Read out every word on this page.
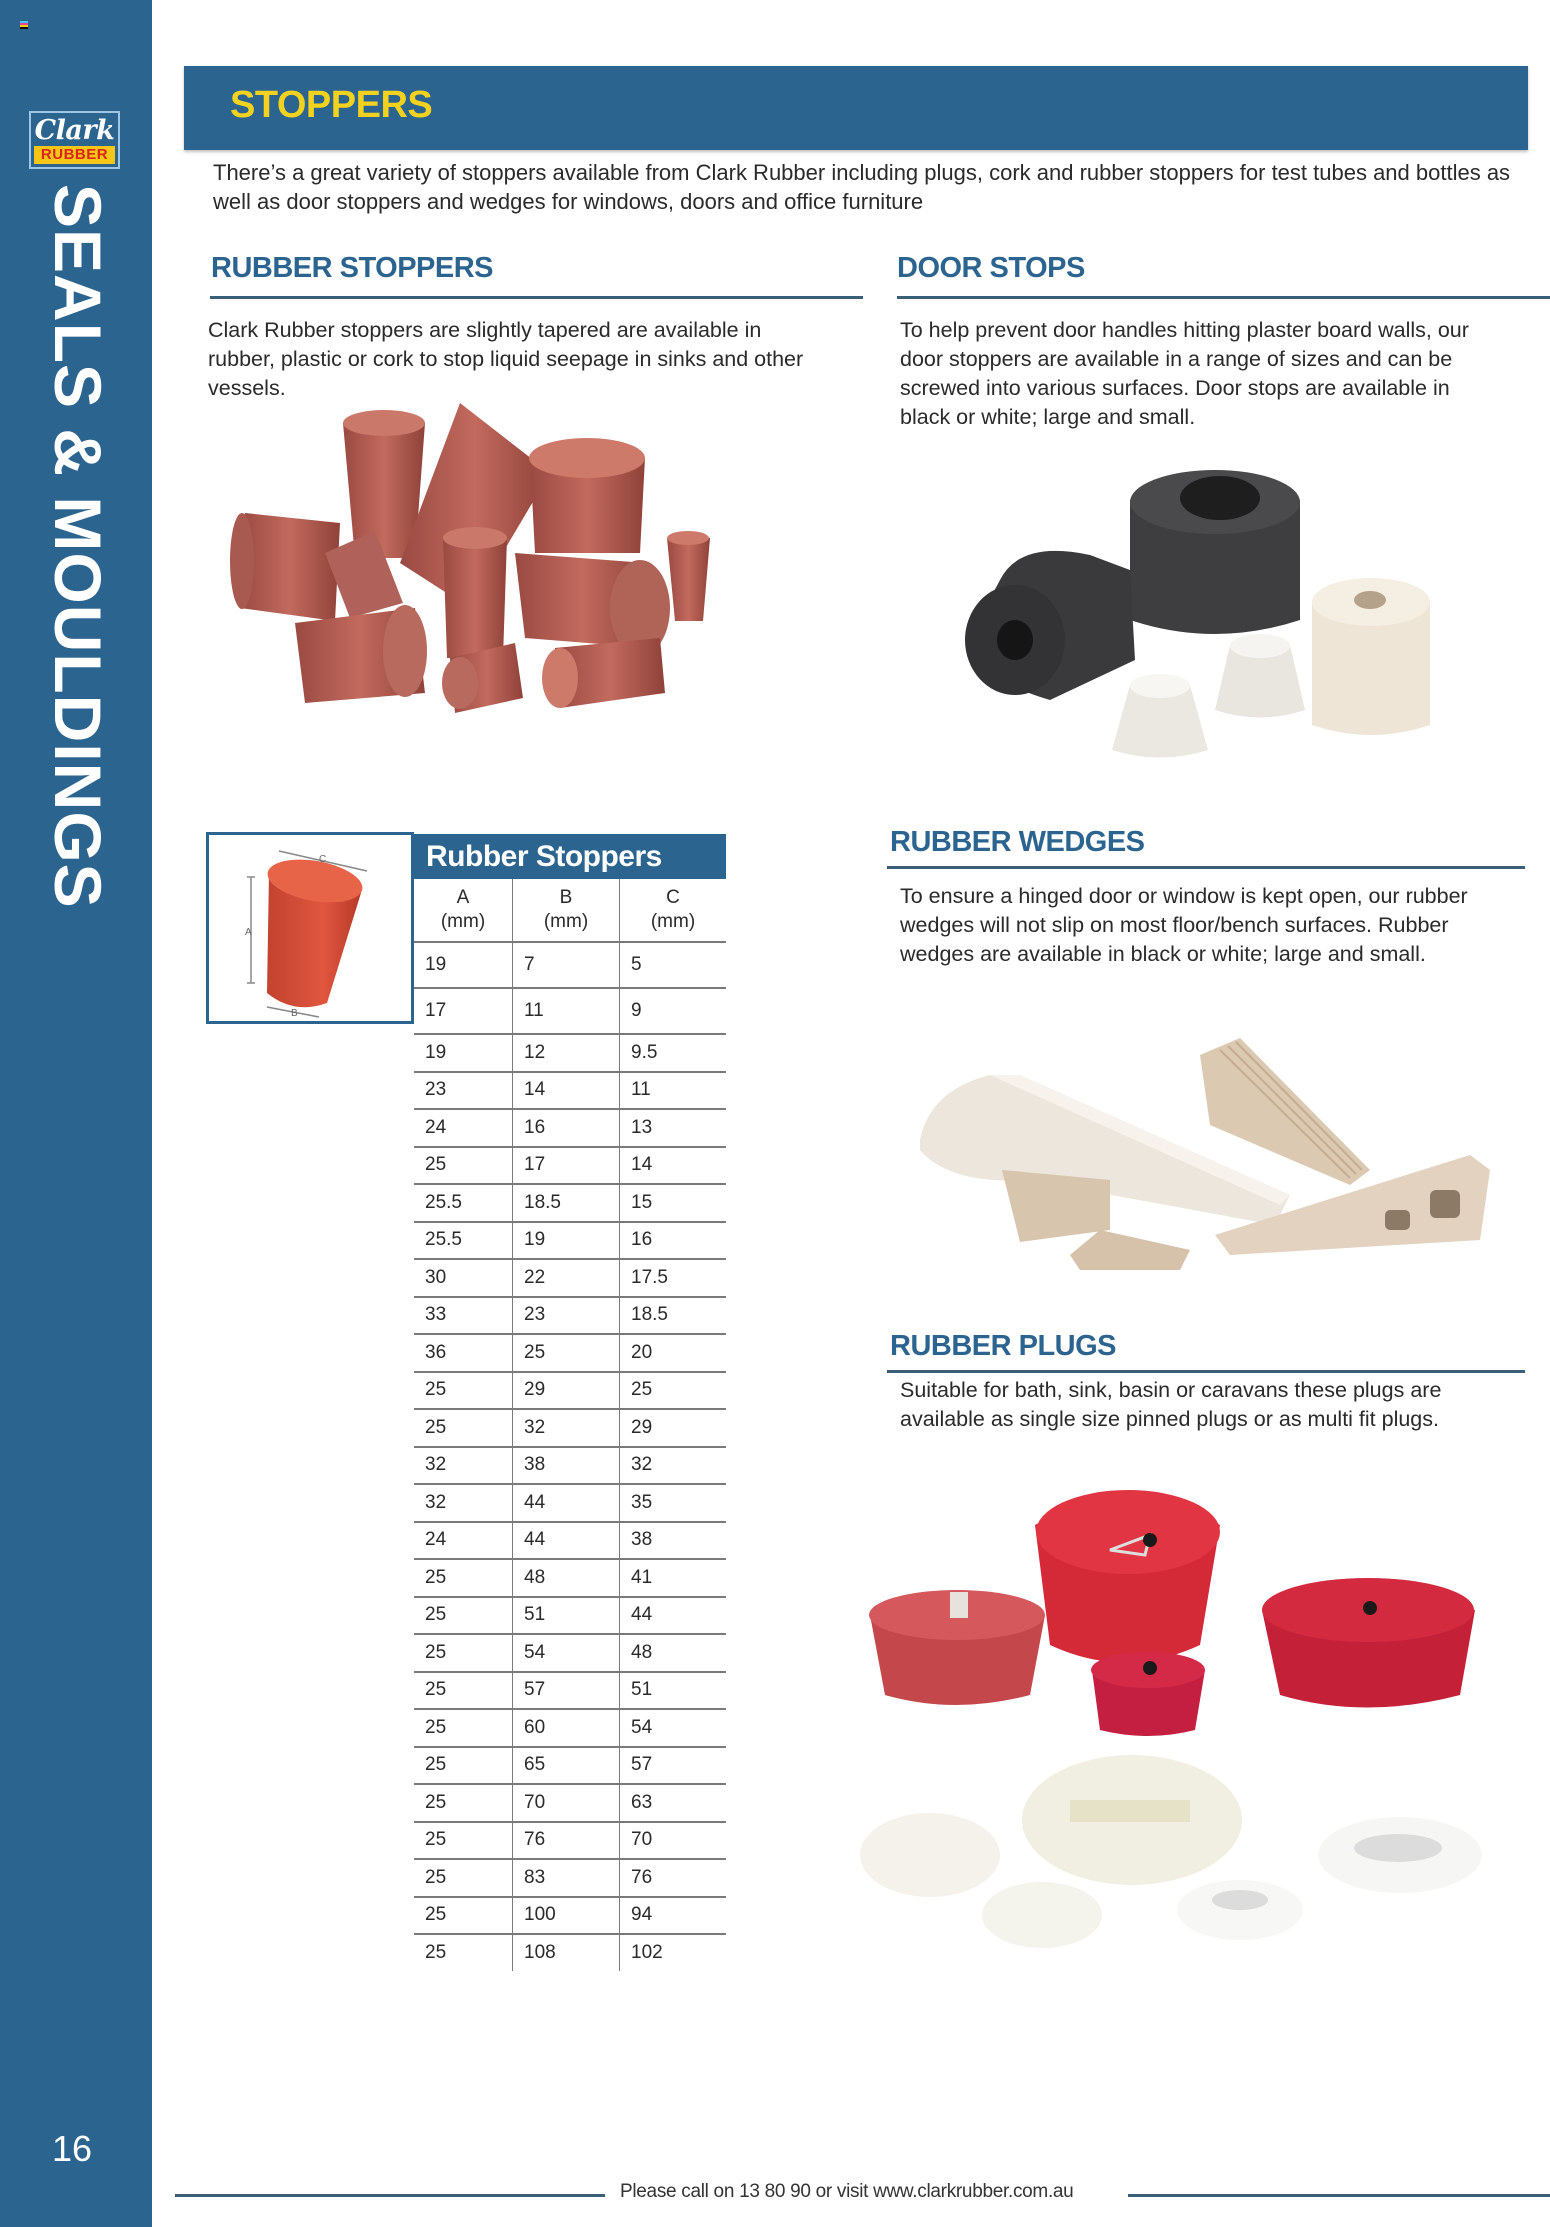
Clark
RUBBER
SEALS & MOULDINGS
16
STOPPERS

There’s a great variety of stoppers available from Clark Rubber including plugs, cork and rubber stoppers for test tubes and bottles as well as door stoppers and wedges for windows, doors and office furniture

RUBBER STOPPERS

Clark Rubber stoppers are slightly tapered are available in rubber, plastic or cork to stop liquid seepage in sinks and other vessels.

DOOR STOPS

To help prevent door handles hitting plaster board walls, our door stoppers are available in a range of sizes and can be screwed into various surfaces. Door stops are available in black or white; large and small.

A
C
B
Rubber Stoppers
A
(mm)
B
(mm)
C
(mm)
19	7	5
17	11	9
19	12	9.5
23	14	11
24	16	13
25	17	14
25.5	18.5	15
25.5	19	16
30	22	17.5
33	23	18.5
36	25	20
25	29	25
25	32	29
32	38	32
32	44	35
24	44	38
25	48	41
25	51	44
25	54	48
25	57	51
25	60	54
25	65	57
25	70	63
25	76	70
25	83	76
25	100	94
25	108	102
RUBBER WEDGES

To ensure a hinged door or window is kept open, our rubber wedges will not slip on most floor/bench surfaces. Rubber wedges are available in black or white; large and small.

RUBBER PLUGS

Suitable for bath, sink, basin or caravans these plugs are available as single size pinned plugs or as multi fit plugs.

Please call on 13 80 90 or visit www.clarkrubber.com.au
